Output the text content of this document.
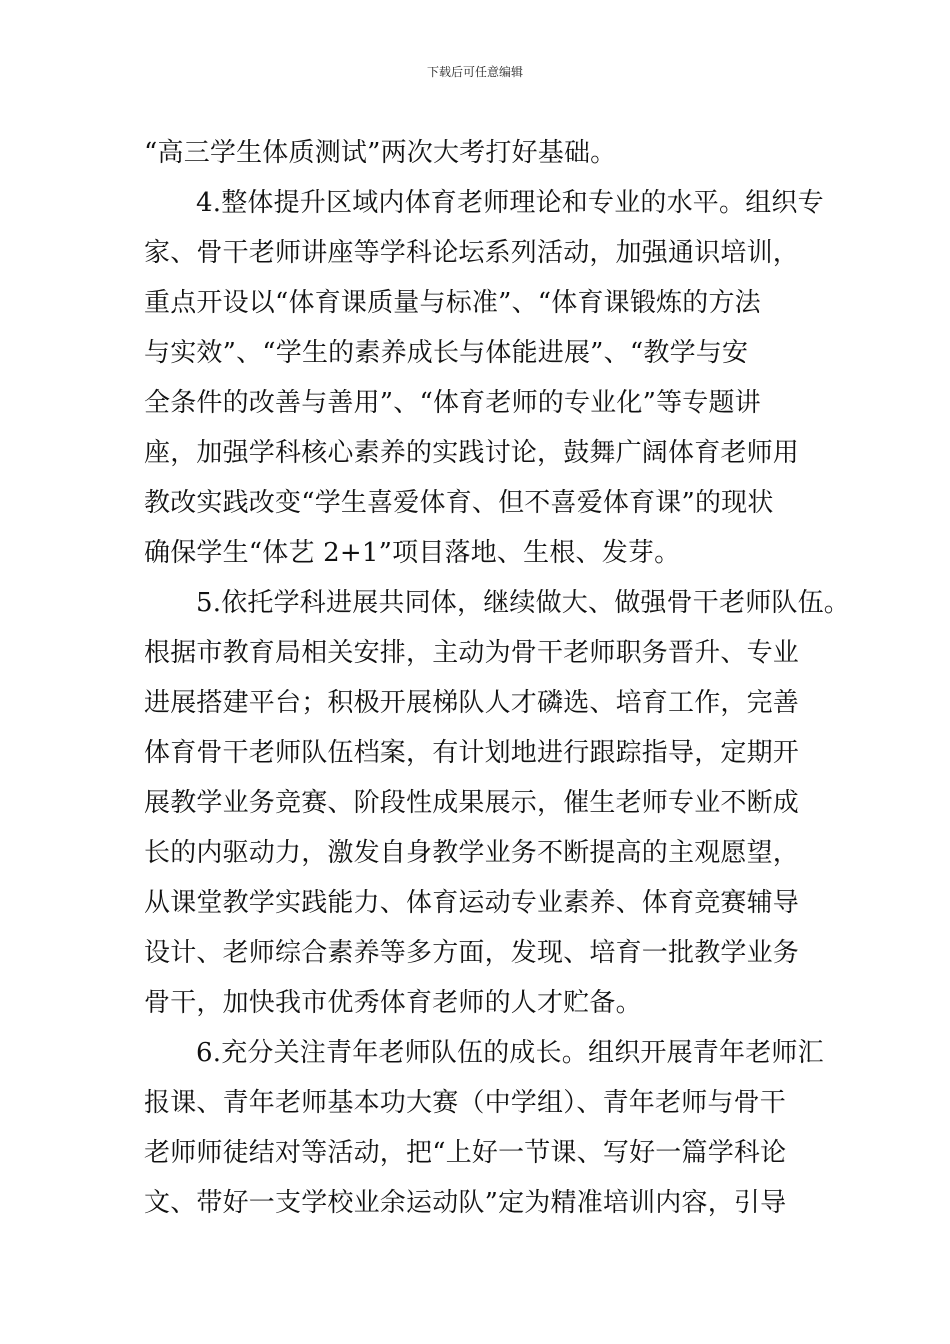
下载后可任意编辑
“高三学生体质测试”两次大考打好基础。
4.整体提升区域内体育老师理论和专业的水平。组织专
家、骨干老师讲座等学科论坛系列活动，加强通识培训，
重点开设以“体育课质量与标准”、“体育课锻炼的方法
与实效”、“学生的素养成长与体能进展”、“教学与安
全条件的改善与善用”、“体育老师的专业化”等专题讲
座，加强学科核心素养的实践讨论，鼓舞广阔体育老师用
教改实践改变“学生喜爱体育、但不喜爱体育课”的现状
确保学生“体艺 2+1”项目落地、生根、发芽。
5.依托学科进展共同体，继续做大、做强骨干老师队伍。
根据市教育局相关安排，主动为骨干老师职务晋升、专业
进展搭建平台；积极开展梯队人才磷选、培育工作，完善
体育骨干老师队伍档案，有计划地进行跟踪指导，定期开
展教学业务竞赛、阶段性成果展示，催生老师专业不断成
长的内驱动力，激发自身教学业务不断提高的主观愿望，
从课堂教学实践能力、体育运动专业素养、体育竞赛辅导
设计、老师综合素养等多方面，发现、培育一批教学业务
骨干，加快我市优秀体育老师的人才贮备。
6.充分关注青年老师队伍的成长。组织开展青年老师汇
报课、青年老师基本功大赛（中学组）、青年老师与骨干
老师师徒结对等活动，把“上好一节课、写好一篇学科论
文、带好一支学校业余运动队”定为精准培训内容，引导
